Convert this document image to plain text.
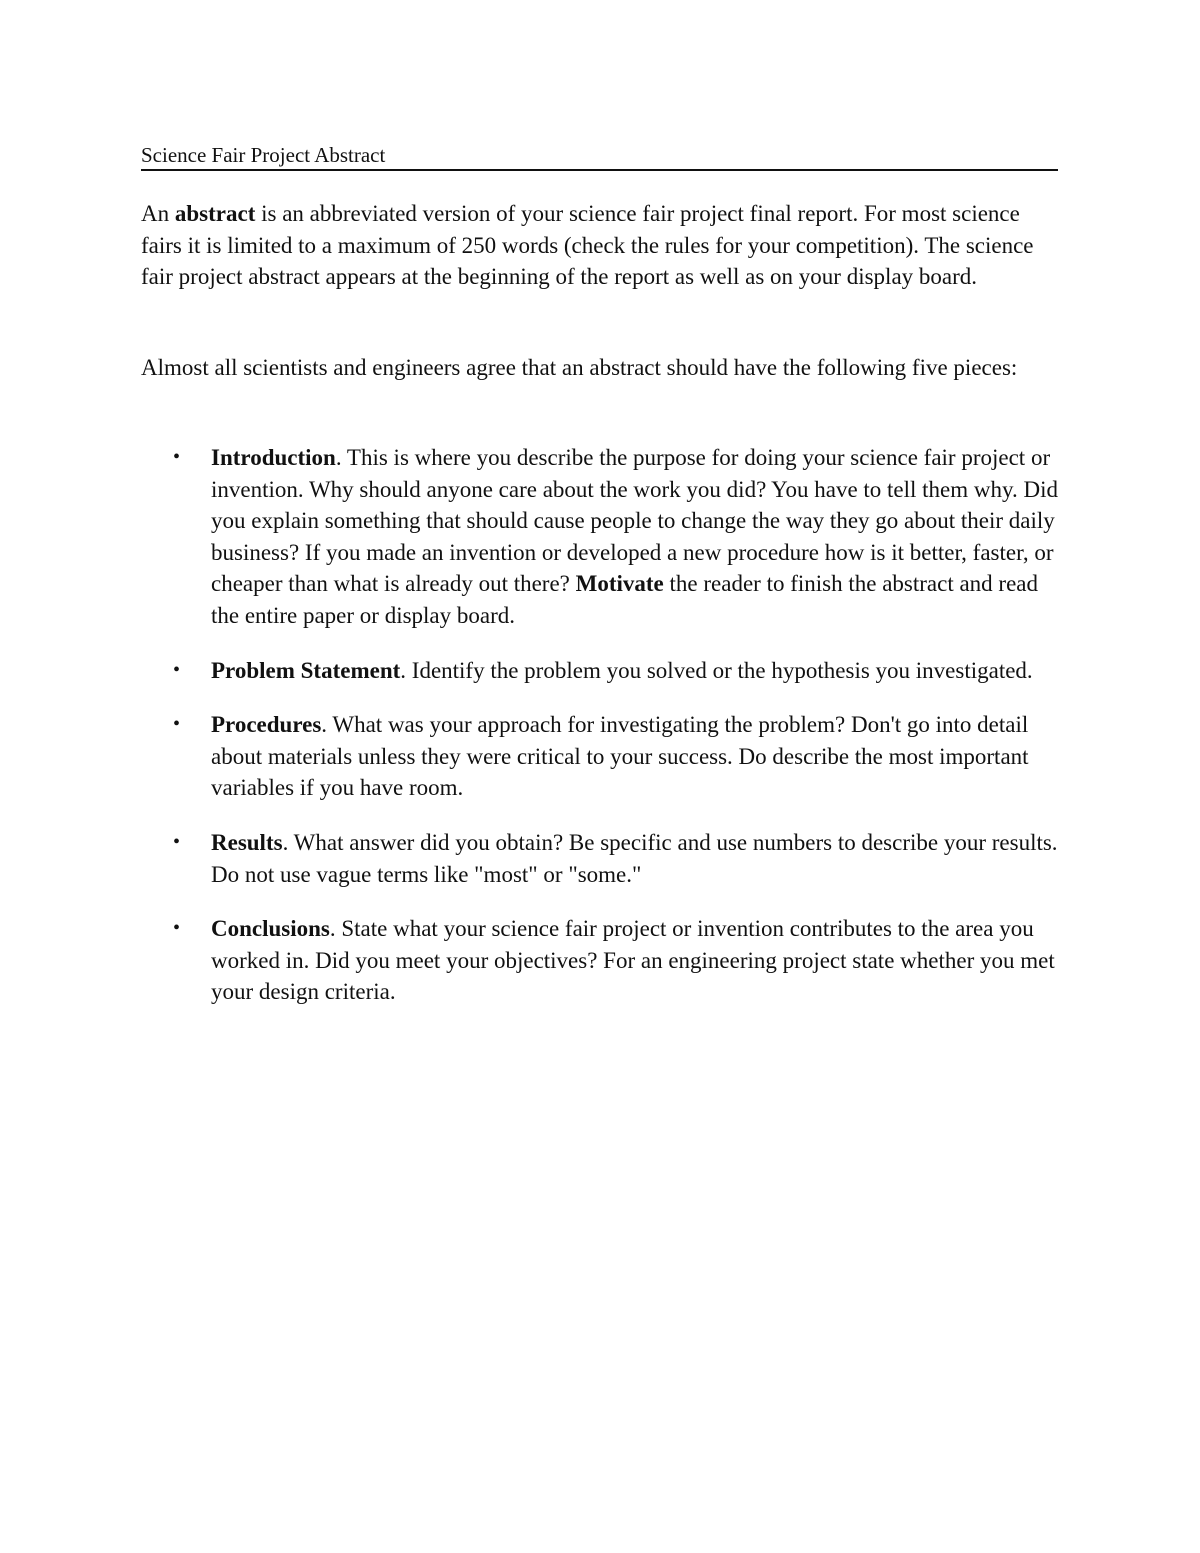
Science Fair Project Abstract

An abstract is an abbreviated version of your science fair project final report. For most science fairs it is limited to a maximum of 250 words (check the rules for your competition). The science fair project abstract appears at the beginning of the report as well as on your display board.

Almost all scientists and engineers agree that an abstract should have the following five pieces:

• Introduction. This is where you describe the purpose for doing your science fair project or invention. Why should anyone care about the work you did? You have to tell them why. Did you explain something that should cause people to change the way they go about their daily business? If you made an invention or developed a new procedure how is it better, faster, or cheaper than what is already out there? Motivate the reader to finish the abstract and read the entire paper or display board.
• Problem Statement. Identify the problem you solved or the hypothesis you investigated.
• Procedures. What was your approach for investigating the problem? Don't go into detail about materials unless they were critical to your success. Do describe the most important variables if you have room.
• Results. What answer did you obtain? Be specific and use numbers to describe your results. Do not use vague terms like "most" or "some."
• Conclusions. State what your science fair project or invention contributes to the area you worked in. Did you meet your objectives? For an engineering project state whether you met your design criteria.
